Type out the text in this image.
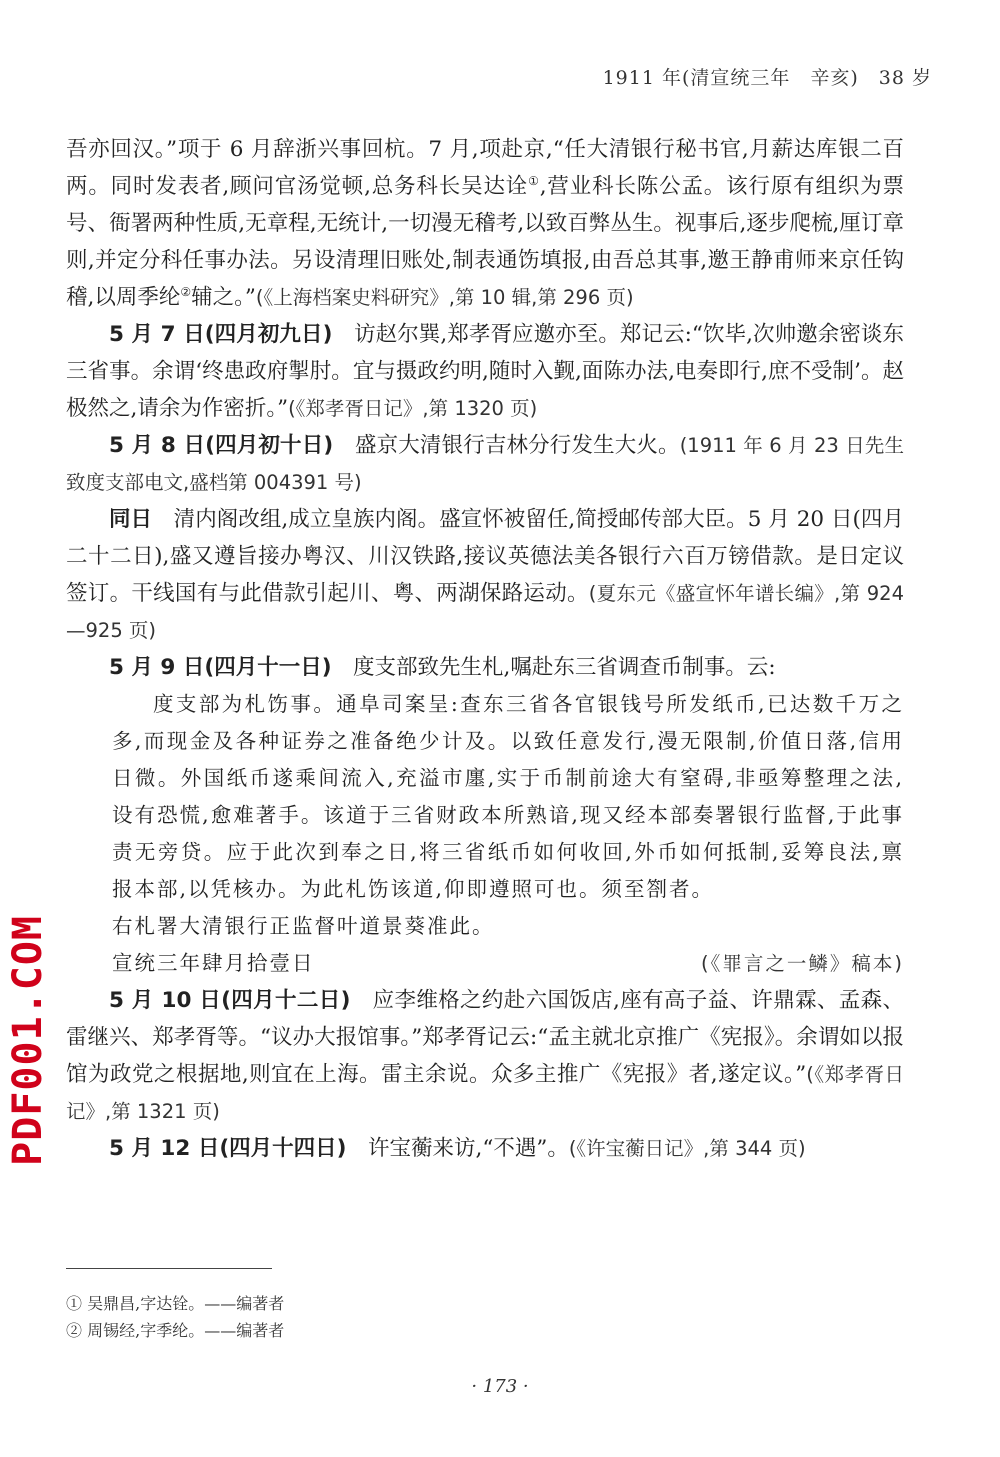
PDF001.COM
1911 年(清宣统三年　辛亥)　38 岁

吾亦回汉。”项于 6 月辞浙兴事回杭。7 月,项赴京,“任大清银行秘书官,月薪达库银二百两。同时发表者,顾问官汤觉顿,总务科长吴达诠①,营业科长陈公孟。该行原有组织为票号、衙署两种性质,无章程,无统计,一切漫无稽考,以致百弊丛生。视事后,逐步爬梳,厘订章则,并定分科任事办法。另设清理旧账处,制表通饬填报,由吾总其事,邀王静甫师来京任钩稽,以周季纶②辅之。”(《上海档案史料研究》,第 10 辑,第 296 页)

5 月 7 日(四月初九日)　访赵尔巽,郑孝胥应邀亦至。郑记云:“饮毕,次帅邀余密谈东三省事。余谓‘终患政府掣肘。宜与摄政约明,随时入觐,面陈办法,电奏即行,庶不受制’。赵极然之,请余为作密折。”(《郑孝胥日记》,第 1320 页)

5 月 8 日(四月初十日)　盛京大清银行吉林分行发生大火。(1911 年 6 月 23 日先生致度支部电文,盛档第 004391 号)

同日　清内阁改组,成立皇族内阁。盛宣怀被留任,简授邮传部大臣。5 月 20 日(四月二十二日),盛又遵旨接办粤汉、川汉铁路,接议英德法美各银行六百万镑借款。是日定议签订。干线国有与此借款引起川、粤、两湖保路运动。(夏东元《盛宣怀年谱长编》,第 924—925 页)

5 月 9 日(四月十一日)　度支部致先生札,嘱赴东三省调查币制事。云:

度支部为札饬事。通阜司案呈:查东三省各官银钱号所发纸币,已达数千万之多,而现金及各种证券之准备绝少计及。以致任意发行,漫无限制,价值日落,信用日微。外国纸币遂乘间流入,充溢市廛,实于币制前途大有窒碍,非亟筹整理之法,设有恐慌,愈难著手。该道于三省财政本所熟谙,现又经本部奏署银行监督,于此事责无旁贷。应于此次到奉之日,将三省纸币如何收回,外币如何抵制,妥筹良法,禀报本部,以凭核办。为此札饬该道,仰即遵照可也。须至劄者。

右札署大清银行正监督叶道景葵准此。

宣统三年肆月拾壹日	(《罪言之一鳞》稿本)

5 月 10 日(四月十二日)　应李维格之约赴六国饭店,座有高子益、许鼎霖、孟森、雷继兴、郑孝胥等。“议办大报馆事。”郑孝胥记云:“孟主就北京推广《宪报》。余谓如以报馆为政党之根据地,则宜在上海。雷主余说。众多主推广《宪报》者,遂定议。”(《郑孝胥日记》,第 1321 页)

5 月 12 日(四月十四日)　许宝蘅来访,“不遇”。(《许宝蘅日记》,第 344 页)

① 吴鼎昌,字达铨。——编著者
② 周锡经,字季纶。——编著者
· 173 ·
